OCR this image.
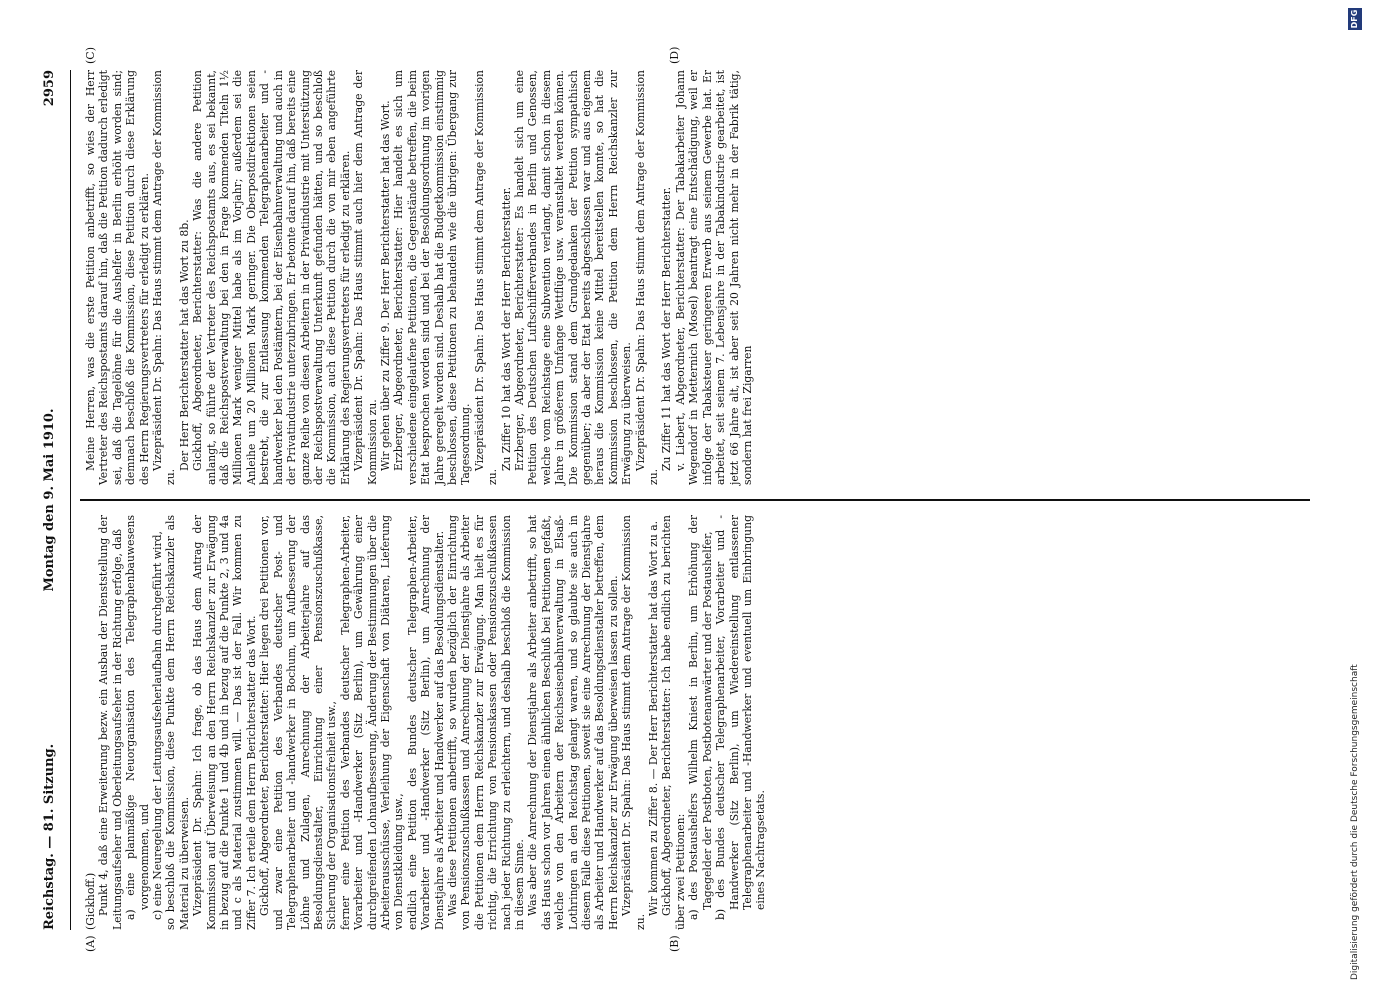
Reichstag. — 81. Sitzung.
Montag den 9. Mai 1910.
2959
(A)	(B)
(C)	(D)

(Gickhoff.) Punkt 4, daß eine Erweiterung bezw. ein Ausbau der Dienststellung der Leitungsaufseher und Oberleitungsaufseher in der Richtung erfolge, daß a) eine planmäßige Neuorganisation des Telegraphenbauwesens vorgenommen, und c) eine Neuregelung der Leitungsaufseherlaufbahn durchgeführt wird, so beschloß die Kommission, diese Punkte dem Herrn Reichskanzler als Material zu überweisen. Vizepräsident Dr. Spahn: Ich frage, ob das Haus dem Antrag der Kommission auf Überweisung an den Herrn Reichskanzler zur Erwägung in bezug auf die Punkte 1 und 4b und in bezug auf die Punkte 2, 3 und 4a und c als Material zustimmen will. — Das ist der Fall. Wir kommen zu Ziffer 7. Ich erteile dem Herrn Berichterstatter das Wort. Gickhoff, Abgeordneter, Berichterstatter: Hier liegen drei Petitionen vor, und zwar eine Petition des Verbandes deutscher Post- und Telegraphenarbeiter und -handwerker in Bochum, um Aufbesserung der Löhne und Zulagen, Anrechnung der Arbeiterjahre auf das Besoldungsdienstalter, Einrichtung einer Pensionszuschußkasse, Sicherung der Organisationsfreiheit usw., ferner eine Petition des Verbandes deutscher Telegraphen-Arbeiter, Vorarbeiter und -Handwerker (Sitz Berlin), um Gewährung einer durchgreifenden Lohnaufbesserung, Änderung der Bestimmungen über die Arbeiterausschüsse, Verleihung der Eigenschaft von Diätaren, Lieferung von Dienstkleidung usw., endlich eine Petition des Bundes deutscher Telegraphen-Arbeiter, Vorarbeiter und -Handwerker (Sitz Berlin), um Anrechnung der Dienstjahre als Arbeiter und Handwerker auf das Besoldungsdienstalter. Was diese Petitionen anbetrifft, so wurden bezüglich der Einrichtung von Pensionszuschußkassen und Anrechnung der Dienstjahre als Arbeiter die Petitionen dem Herrn Reichskanzler zur Erwägung. Man hielt es für richtig, die Errichtung von Pensionskassen oder Pensionszuschußkassen nach jeder Richtung zu erleichtern, und deshalb beschloß die Kommission in diesem Sinne. Was aber die Anrechnung der Dienstjahre als Arbeiter anbetrifft, so hat das Haus schon vor Jahren einen ähnlichen Beschluß bei Petitionen gefaßt, welche von den Arbeitern der Reichseisenbahnverwaltung in Elsaß-Lothringen an den Reichstag gelangt waren, und so glaubte sie auch in diesem Falle diese Petitionen, soweit sie eine Anrechnung der Dienstjahre als Arbeiter und Handwerker auf das Besoldungsdienstalter betreffen, dem Herrn Reichskanzler zur Erwägung überweisen lassen zu sollen. Vizepräsident Dr. Spahn: Das Haus stimmt dem Antrage der Kommission zu.

Wir kommen zu Ziffer 8. — Der Herr Berichterstatter hat das Wort zu a. Gickhoff, Abgeordneter, Berichterstatter: Ich habe endlich zu berichten über zwei Petitionen: a) des Postaushelfers Wilhelm Kniest in Berlin, um Erhöhung der Tagegelder der Postboten, Postbotenanwärter und der Postaushelfer, b) des Bundes deutscher Telegraphenarbeiter, Vorarbeiter und -Handwerker (Sitz Berlin), um Wiedereinstellung entlassener Telegraphenarbeiter und -Handwerker und eventuell um Einbringung eines Nachtragsetats.

Meine Herren, was die erste Petition anbetrifft, so wies der Herr Vertreter des Reichspostamts darauf hin, daß die Petition dadurch erledigt sei, daß die Tagelöhne für die Aushelfer in Berlin erhöht worden sind; demnach beschloß die Kommission, diese Petition durch diese Erklärung des Herrn Regierungsvertreters für erledigt zu erklären. Vizepräsident Dr. Spahn: Das Haus stimmt dem Antrage der Kommission zu.

Der Herr Berichterstatter hat das Wort zu 8b. Gickhoff, Abgeordneter, Berichterstatter: Was die andere Petition anlangt, so führte der Vertreter des Reichspostamts aus, es sei bekannt, daß die Reichspostverwaltung bei den in Frage kommenden Titeln 1½ Millionen Mark weniger Mittel habe als im Vorjahr; außerdem sei die Anleihe um 20 Millionen Mark geringer. Die Oberpostdirektionen seien bestrebt, die zur Entlassung kommenden Telegraphenarbeiter und -handwerker bei den Postämtern, bei der Eisenbahnverwaltung und auch in der Privatindustrie unterzubringen. Er betonte darauf hin, daß bereits eine ganze Reihe von diesen Arbeitern in der Privatindustrie mit Unterstützung der Reichspostverwaltung Unterkunft gefunden hätten, und so beschloß die Kommission, auch diese Petition durch die von mir eben angeführte Erklärung des Regierungsvertreters für erledigt zu erklären. Vizepräsident Dr. Spahn: Das Haus stimmt auch hier dem Antrage der Kommission zu. Wir gehen über zu Ziffer 9. Der Herr Berichterstatter hat das Wort. Erzberger, Abgeordneter, Berichterstatter: Hier handelt es sich um verschiedene eingelaufene Petitionen, die Gegenstände betreffen, die beim Etat besprochen worden sind und bei der Besoldungsordnung im vorigen Jahre geregelt worden sind. Deshalb hat die Budgetkommission einstimmig beschlossen, diese Petitionen zu behandeln wie die übrigen: Übergang zur Tagesordnung. Vizepräsident Dr. Spahn: Das Haus stimmt dem Antrage der Kommission zu.

Zu Ziffer 10 hat das Wort der Herr Berichterstatter. Erzberger, Abgeordneter, Berichterstatter: Es handelt sich um eine Petition des Deutschen Luftschifferverbandes in Berlin und Genossen, welche vom Reichstage eine Subvention verlangt, damit schon in diesem Jahre in größerem Umfange Wettflüge usw. veranstaltet werden können. Die Kommission stand dem Grundgedanken der Petition sympathisch gegenüber; da aber der Etat bereits abgeschlossen war und aus eigenem heraus die Kommission keine Mittel bereitstellen konnte, so hat die Kommission beschlossen, die Petition dem Herrn Reichskanzler zur Erwägung zu überweisen. Vizepräsident Dr. Spahn: Das Haus stimmt dem Antrage der Kommission zu.

Zu Ziffer 11 hat das Wort der Herr Berichterstatter. v. Liebert, Abgeordneter, Berichterstatter: Der Tabakarbeiter Johann Wegendorf in Metternich (Mosel) beantragt eine Entschädigung, weil er infolge der Tabaksteuer geringeren Erwerb aus seinem Gewerbe hat. Er arbeitet, seit seinem 7. Lebensjahre in der Tabakindustrie gearbeitet, ist jetzt 66 Jahre alt, ist aber seit 20 Jahren nicht mehr in der Fabrik tätig, sondern hat frei Zigarren

Digitalisierung gefördert durch die Deutsche Forschungsgemeinschaft
DFG
